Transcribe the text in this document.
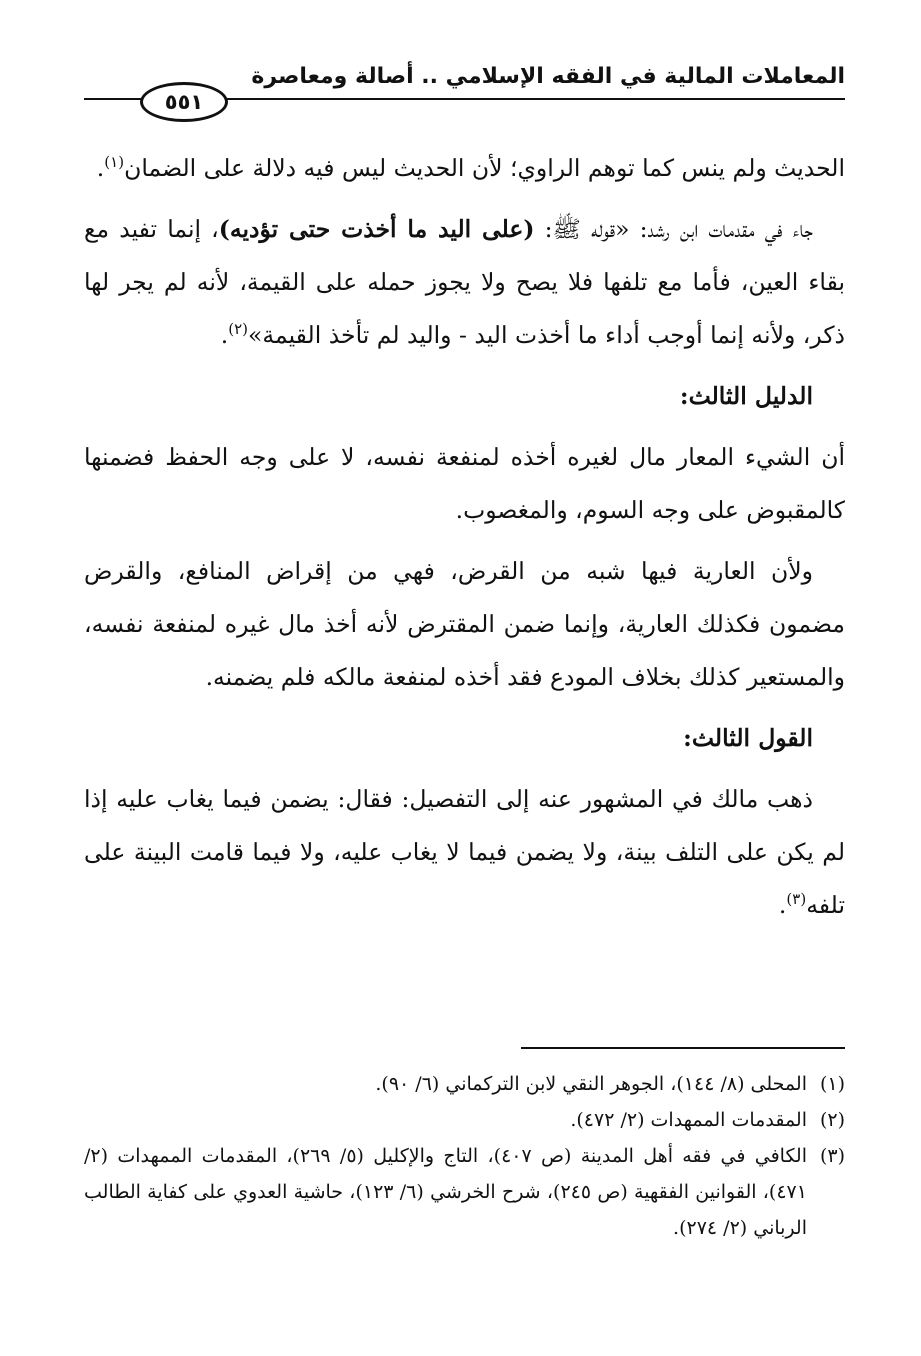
المعاملات المالية في الفقه الإسلامي .. أصالة ومعاصرة
٥٥١

الحديث ولم ينس كما توهم الراوي؛ لأن الحديث ليس فيه دلالة على الضمان$^{(١)}$.

جاء في مقدمات ابن رشد: «قوله ﷺ: (على اليد ما أخذت حتى تؤديه)، إنما تفيد مع بقاء العين، فأما مع تلفها فلا يصح ولا يجوز حمله على القيمة، لأنه لم يجر لها ذكر، ولأنه إنما أوجب أداء ما أخذت اليد - واليد لم تأخذ القيمة»$^{(٢)}$.

الدليل الثالث:

أن الشيء المعار مال لغيره أخذه لمنفعة نفسه، لا على وجه الحفظ فضمنها كالمقبوض على وجه السوم، والمغصوب.

ولأن العارية فيها شبه من القرض، فهي من إقراض المنافع، والقرض مضمون فكذلك العارية، وإنما ضمن المقترض لأنه أخذ مال غيره لمنفعة نفسه، والمستعير كذلك بخلاف المودع فقد أخذه لمنفعة مالكه فلم يضمنه.

القول الثالث:

ذهب مالك في المشهور عنه إلى التفصيل: فقال: يضمن فيما يغاب عليه إذا لم يكن على التلف بينة، ولا يضمن فيما لا يغاب عليه، ولا فيما قامت البينة على تلفه$^{(٣)}$.

(١)
المحلى (٨/ ١٤٤)، الجوهر النقي لابن التركماني (٦/ ٩٠).

(٢)
المقدمات الممهدات (٢/ ٤٧٢).

(٣)
الكافي في فقه أهل المدينة (ص ٤٠٧)، التاج والإكليل (٥/ ٢٦٩)، المقدمات الممهدات (٢/ ٤٧١)، القوانين الفقهية (ص ٢٤٥)، شرح الخرشي (٦/ ١٢٣)، حاشية العدوي على كفاية الطالب الرباني (٢/ ٢٧٤).
